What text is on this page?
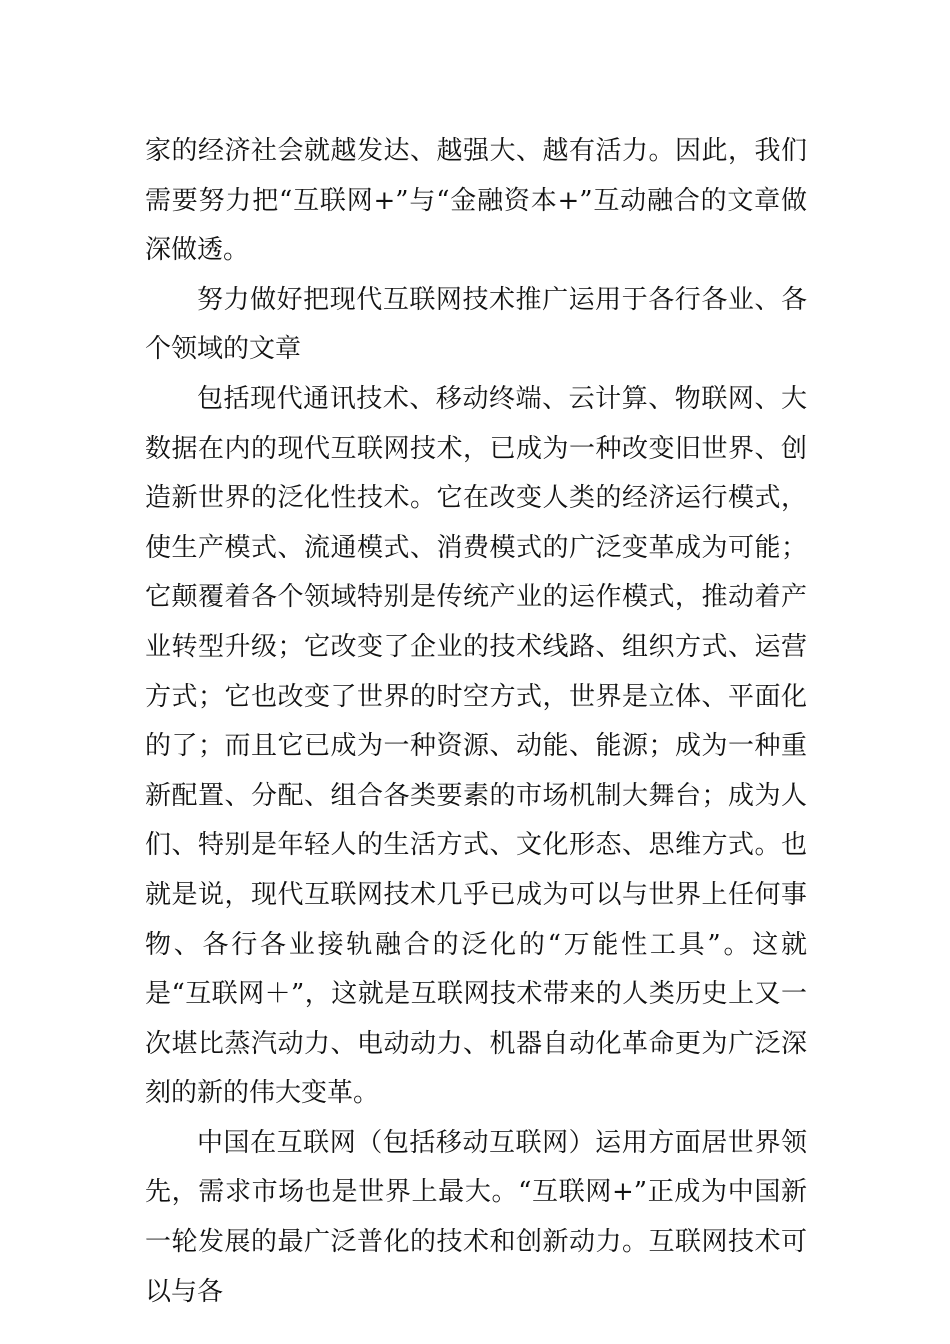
家的经济社会就越发达、越强大、越有活力。因此，我们需要努力把“互联网+”与“金融资本+”互动融合的文章做深做透。

努力做好把现代互联网技术推广运用于各行各业、各个领域的文章

包括现代通讯技术、移动终端、云计算、物联网、大数据在内的现代互联网技术，已成为一种改变旧世界、创造新世界的泛化性技术。它在改变人类的经济运行模式，使生产模式、流通模式、消费模式的广泛变革成为可能；它颠覆着各个领域特别是传统产业的运作模式，推动着产业转型升级；它改变了企业的技术线路、组织方式、运营方式；它也改变了世界的时空方式，世界是立体、平面化的了；而且它已成为一种资源、动能、能源；成为一种重新配置、分配、组合各类要素的市场机制大舞台；成为人们、特别是年轻人的生活方式、文化形态、思维方式。也就是说，现代互联网技术几乎已成为可以与世界上任何事物、各行各业接轨融合的泛化的“万能性工具”。这就是“互联网＋”，这就是互联网技术带来的人类历史上又一次堪比蒸汽动力、电动动力、机器自动化革命更为广泛深刻的新的伟大变革。

中国在互联网（包括移动互联网）运用方面居世界领先，需求市场也是世界上最大。“互联网+”正成为中国新一轮发展的最广泛普化的技术和创新动力。互联网技术可以与各
